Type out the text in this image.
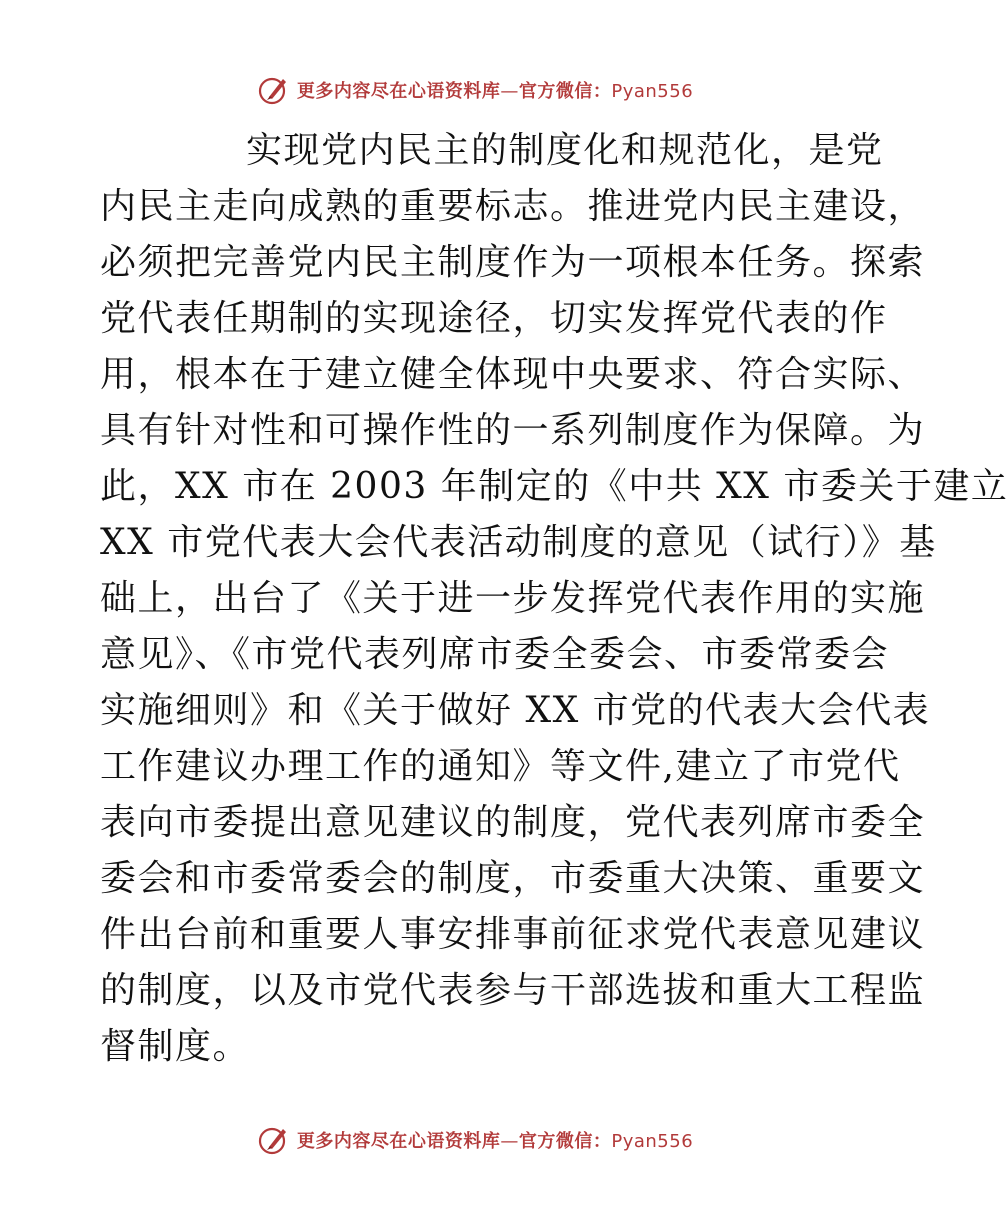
更多内容尽在心语资料库—官方微信：Pyan556
实现党内民主的制度化和规范化，是党
内民主走向成熟的重要标志。推进党内民主建设，
必须把完善党内民主制度作为一项根本任务。探索
党代表任期制的实现途径，切实发挥党代表的作
用，根本在于建立健全体现中央要求、符合实际、
具有针对性和可操作性的一系列制度作为保障。为
此，XX 市在 2003 年制定的《中共 XX 市委关于建立
XX 市党代表大会代表活动制度的意见（试行）》基
础上，出台了《关于进一步发挥党代表作用的实施
意见》、《市党代表列席市委全委会、市委常委会
实施细则》和《关于做好 XX 市党的代表大会代表
工作建议办理工作的通知》等文件,建立了市党代
表向市委提出意见建议的制度，党代表列席市委全
委会和市委常委会的制度，市委重大决策、重要文
件出台前和重要人事安排事前征求党代表意见建议
的制度，以及市党代表参与干部选拔和重大工程监
督制度。
更多内容尽在心语资料库—官方微信：Pyan556
